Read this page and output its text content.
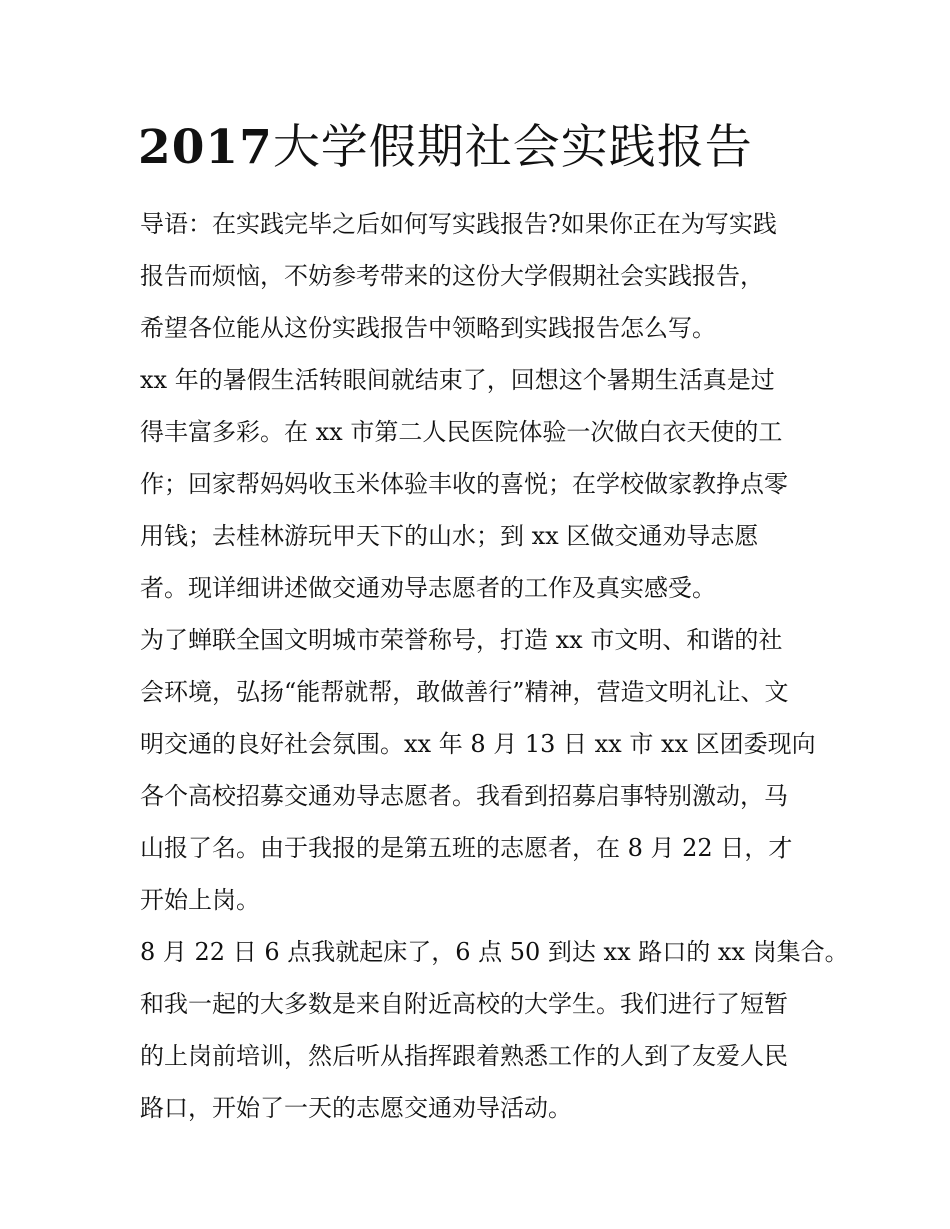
2017大学假期社会实践报告
导语：在实践完毕之后如何写实践报告?如果你正在为写实践
报告而烦恼，不妨参考带来的这份大学假期社会实践报告，
希望各位能从这份实践报告中领略到实践报告怎么写。
xx 年的暑假生活转眼间就结束了，回想这个暑期生活真是过
得丰富多彩。在 xx 市第二人民医院体验一次做白衣天使的工
作；回家帮妈妈收玉米体验丰收的喜悦；在学校做家教挣点零
用钱；去桂林游玩甲天下的山水；到 xx 区做交通劝导志愿
者。现详细讲述做交通劝导志愿者的工作及真实感受。
为了蝉联全国文明城市荣誉称号，打造 xx 市文明、和谐的社
会环境，弘扬“能帮就帮，敢做善行”精神，营造文明礼让、文
明交通的良好社会氛围。xx 年 8 月 13 日 xx 市 xx 区团委现向
各个高校招募交通劝导志愿者。我看到招募启事特别激动，马
山报了名。由于我报的是第五班的志愿者，在 8 月 22 日，才
开始上岗。
8 月 22 日 6 点我就起床了，6 点 50 到达 xx 路口的 xx 岗集合。
和我一起的大多数是来自附近高校的大学生。我们进行了短暂
的上岗前培训，然后听从指挥跟着熟悉工作的人到了友爱人民
路口，开始了一天的志愿交通劝导活动。
